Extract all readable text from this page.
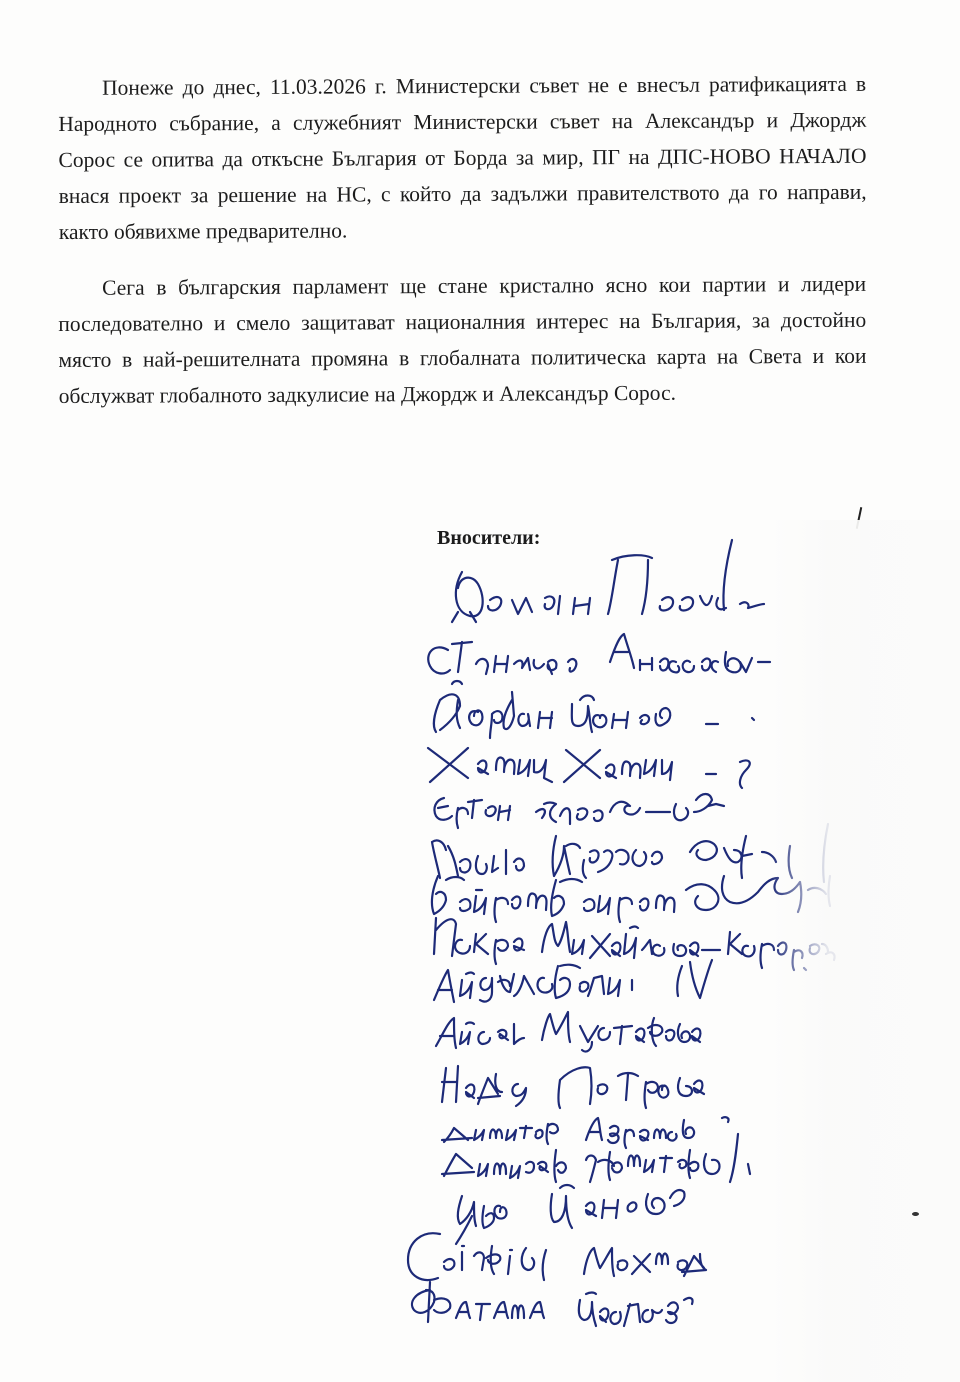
Понеже до днес, 11.03.2026 г. Министерски съвет не е внесъл ратификацията в Народното събрание, а служебният Министерски съвет на Александър и Джордж Сорос се опитва да откъсне България от Борда за мир, ПГ на ДПС-НОВО НАЧАЛО внася проект за решение на НС, с който да задължи правителството да го направи, както обявихме предварително.

Сега в българския парламент ще стане кристално ясно кои партии и лидери последователно и смело защитават националния интерес на България, за достойно място в най-решителната промяна в глобалната политическа карта на Света и кои обслужват глобалното задкулисие на Джордж и Александър Сорос.

Вносители:
